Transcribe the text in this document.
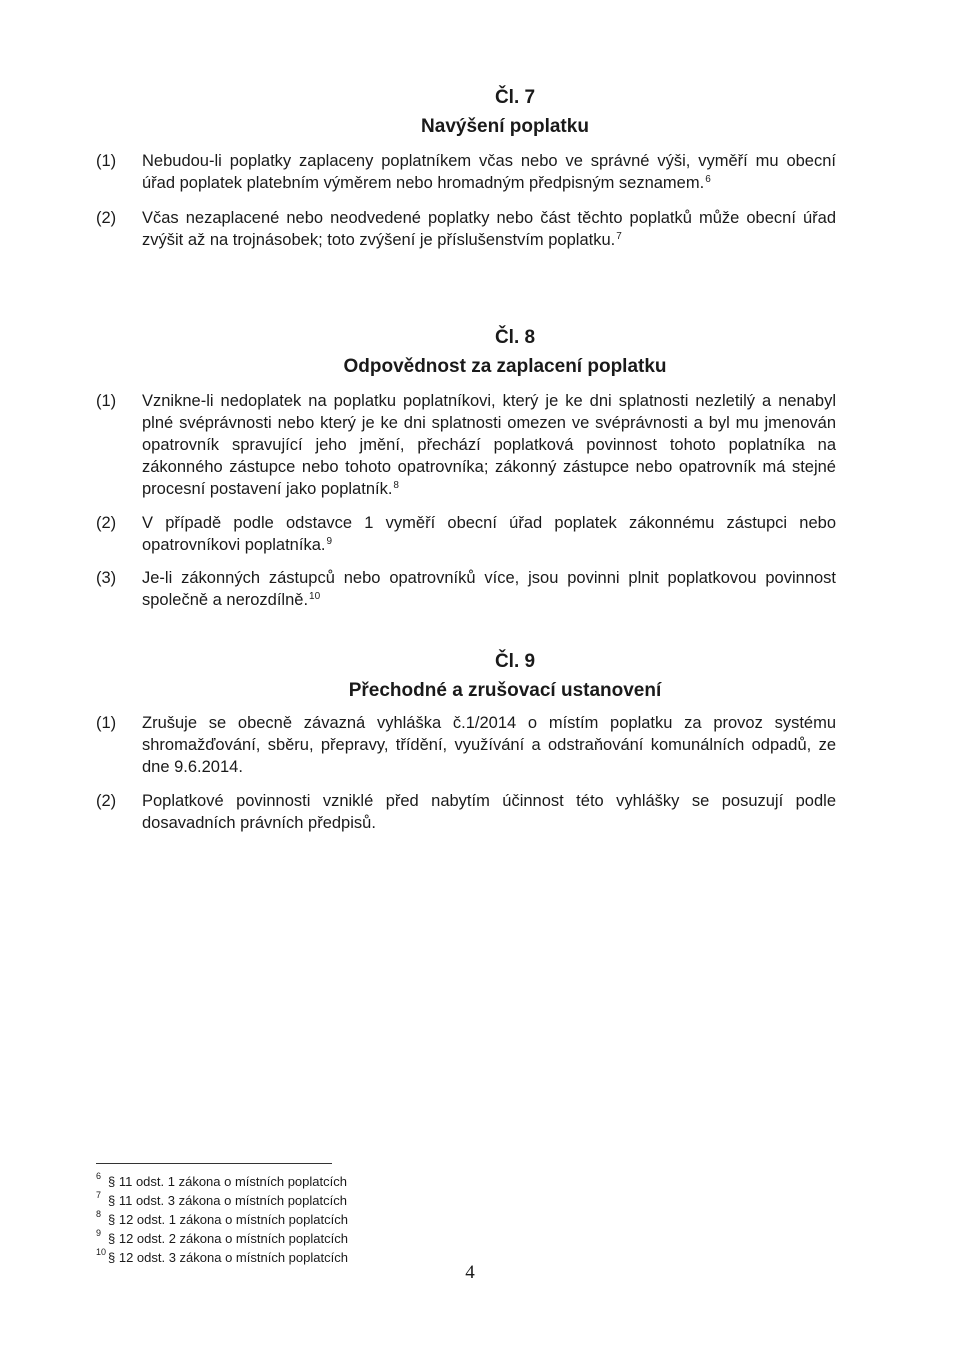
Čl. 7
Navýšení poplatku
(1)	Nebudou-li poplatky zaplaceny poplatníkem včas nebo ve správné výši, vyměří mu obecní úřad poplatek platebním výměrem nebo hromadným předpisným seznamem.$^6$
(2)	Včas nezaplacené nebo neodvedené poplatky nebo část těchto poplatků může obecní úřad zvýšit až na trojnásobek; toto zvýšení je příslušenstvím poplatku.$^7$
Čl. 8
Odpovědnost za zaplacení poplatku
(1)	Vznikne-li nedoplatek na poplatku poplatníkovi, který je ke dni splatnosti nezletilý a nenabyl plné svéprávnosti nebo který je ke dni splatnosti omezen ve svéprávnosti a byl mu jmenován opatrovník spravující jeho jmění, přechází poplatková povinnost tohoto poplatníka na zákonného zástupce nebo tohoto opatrovníka; zákonný zástupce nebo opatrovník má stejné procesní postavení jako poplatník.$^8$
(2)	V případě podle odstavce 1 vyměří obecní úřad poplatek zákonnému zástupci nebo opatrovníkovi poplatníka.$^9$
(3)	Je-li zákonných zástupců nebo opatrovníků více, jsou povinni plnit poplatkovou povinnost společně a nerozdílně.$^{10}$
Čl. 9
Přechodné a zrušovací ustanovení
(1)	Zrušuje se obecně závazná vyhláška č.1/2014 o místím poplatku za provoz systému shromažďování, sběru, přepravy, třídění, využívání a odstraňování komunálních odpadů, ze dne 9.6.2014.
(2)	Poplatkové povinnosti vzniklé před nabytím účinnost této vyhlášky se posuzují podle dosavadních právních předpisů.
6 § 11 odst. 1 zákona o místních poplatcích
7 § 11 odst. 3 zákona o místních poplatcích
8 § 12 odst. 1 zákona o místních poplatcích
9 § 12 odst. 2 zákona o místních poplatcích
10 § 12 odst. 3 zákona o místních poplatcích
4
